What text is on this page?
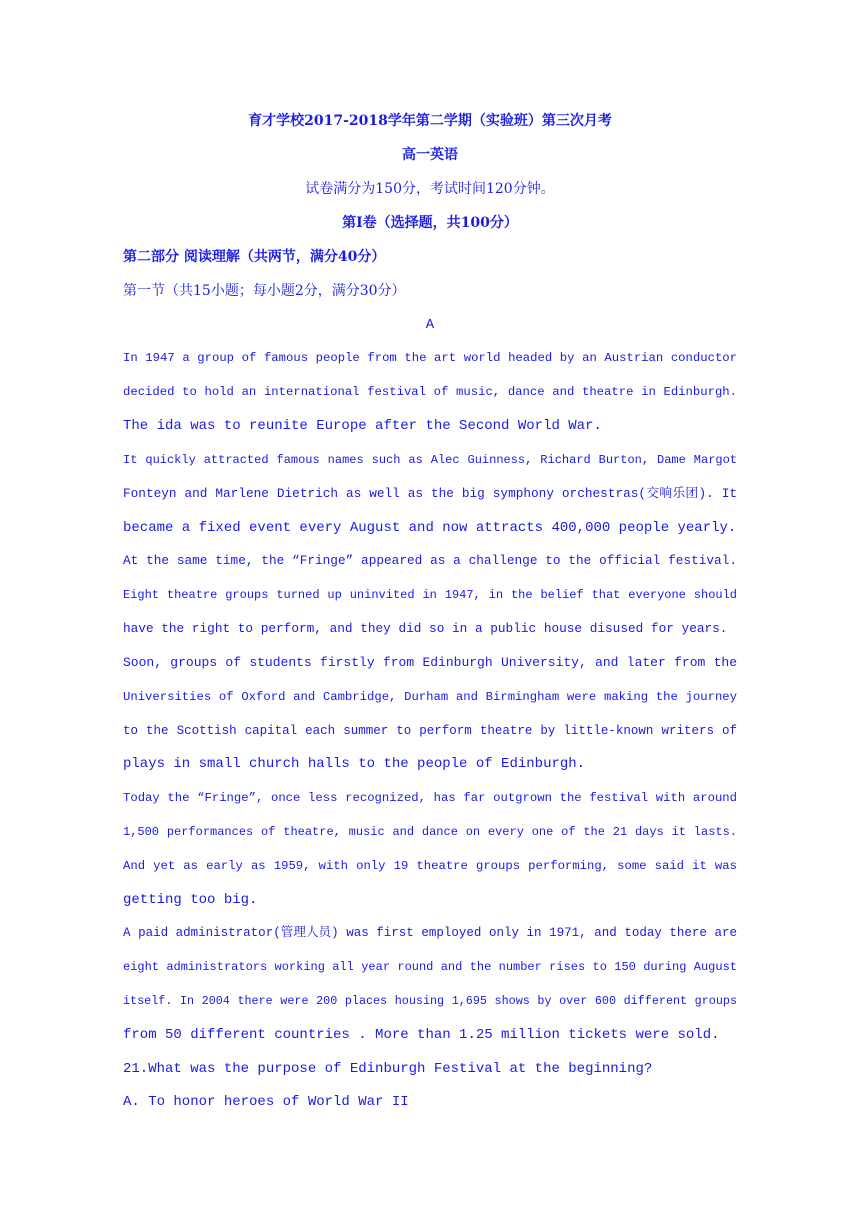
育才学校2017-2018学年第二学期（实验班）第三次月考
高一英语
试卷满分为150分，考试时间120分钟。
第Ⅰ卷（选择题，共100分）
第二部分 阅读理解（共两节，满分40分）
第一节（共15小题；每小题2分，满分30分）
A
In 1947 a group of famous people from the art world headed by an Austrian conductor
decided to hold an international festival of music, dance and theatre in Edinburgh.
The ida was to reunite Europe after the Second World War.
It quickly attracted famous names such as Alec Guinness, Richard Burton, Dame Margot
Fonteyn and Marlene Dietrich as well as the big symphony orchestras(交响乐团). It
became a fixed event every August and now attracts 400,000 people yearly.
At the same time, the “Fringe” appeared as a challenge to the official festival.
Eight theatre groups turned up uninvited in 1947, in the belief that everyone should
have the right to perform, and they did so in a public house disused for years.
Soon, groups of students firstly from Edinburgh University, and later from the
Universities of Oxford and Cambridge, Durham and Birmingham were making the journey
to the Scottish capital each summer to perform theatre by little-known writers of
plays in small church halls to the people of Edinburgh.
Today the “Fringe”, once less recognized, has far outgrown the festival with around
1,500 performances of theatre, music and dance on every one of the 21 days it lasts.
And yet as early as 1959, with only 19 theatre groups performing, some said it was
getting too big.
A paid administrator(管理人员) was first employed only in 1971, and today there are
eight administrators working all year round and the number rises to 150 during August
itself. In 2004 there were 200 places housing 1,695 shows by over 600 different groups
from 50 different countries . More than 1.25 million tickets were sold.
21.What was the purpose of Edinburgh Festival at the beginning?
A. To honor heroes of World War II
